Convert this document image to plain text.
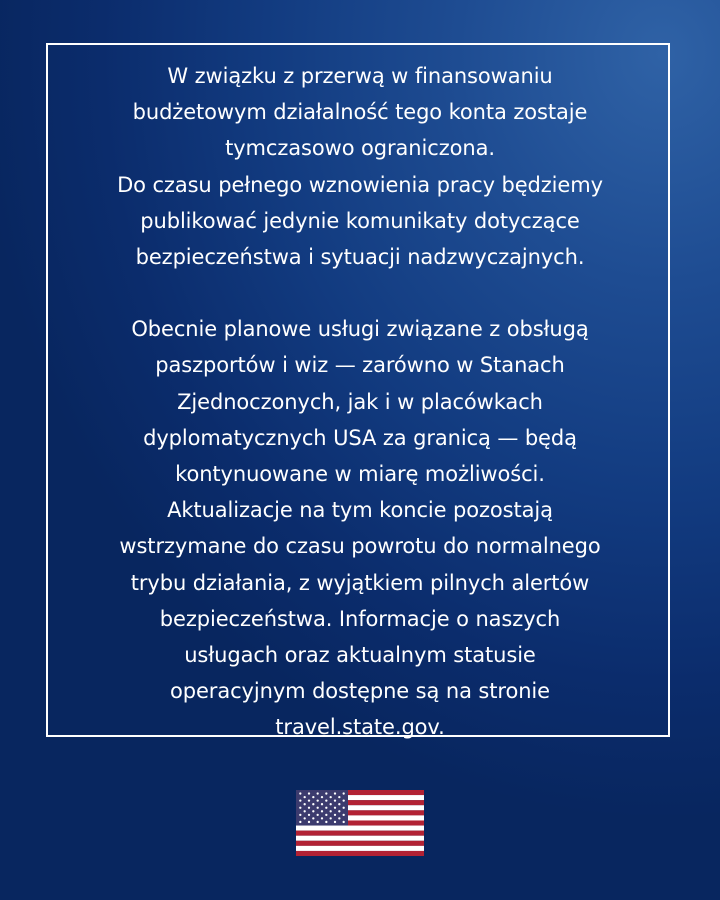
W związku z przerwą w finansowaniu
budżetowym działalność tego konta zostaje
tymczasowo ograniczona.
Do czasu pełnego wznowienia pracy będziemy
publikować jedynie komunikaty dotyczące
bezpieczeństwa i sytuacji nadzwyczajnych.

Obecnie planowe usługi związane z obsługą
paszportów i wiz — zarówno w Stanach
Zjednoczonych, jak i w placówkach
dyplomatycznych USA za granicą — będą
kontynuowane w miarę możliwości.
Aktualizacje na tym koncie pozostają
wstrzymane do czasu powrotu do normalnego
trybu działania, z wyjątkiem pilnych alertów
bezpieczeństwa. Informacje o naszych
usługach oraz aktualnym statusie
operacyjnym dostępne są na stronie
travel.state.gov.
